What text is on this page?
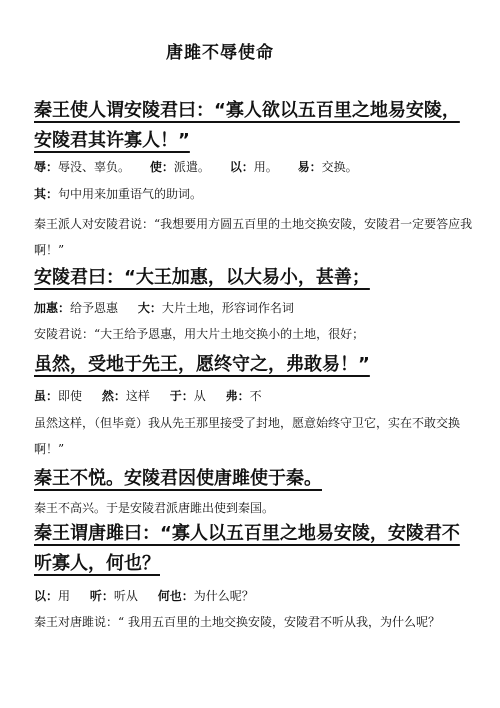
唐雎不辱使命
秦王使人谓安陵君曰：“寡人欲以五百里之地易安陵，安陵君其许寡人！”
辱：辱没、辜负。 使：派遣。 以：用。 易：交换。
其：句中用来加重语气的助词。
秦王派人对安陵君说：“我想要用方圆五百里的土地交换安陵，安陵君一定要答应我啊！”
安陵君曰：“大王加惠，以大易小，甚善；
加惠：给予恩惠 大：大片土地，形容词作名词
安陵君说：“大王给予恩惠，用大片土地交换小的土地，很好；
虽然，受地于先王，愿终守之，弗敢易！”
虽：即使 然：这样 于：从 弗：不
虽然这样，（但毕竟）我从先王那里接受了封地，愿意始终守卫它，实在不敢交换啊！”
秦王不悦。安陵君因使唐雎使于秦。
秦王不高兴。于是安陵君派唐雎出使到秦国。
秦王谓唐雎曰：“寡人以五百里之地易安陵，安陵君不听寡人，何也？
以：用 听：听从 何也：为什么呢？
秦王对唐雎说：“ 我用五百里的土地交换安陵，安陵君不听从我，为什么呢？
